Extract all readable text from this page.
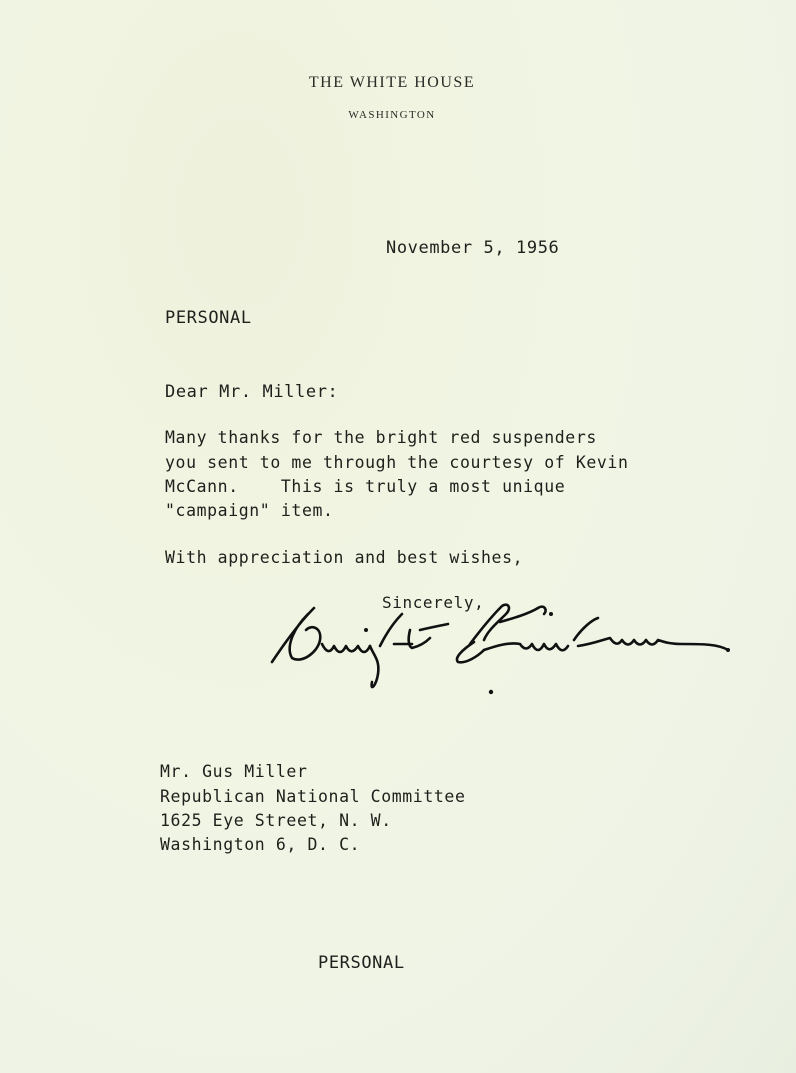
THE WHITE HOUSE
WASHINGTON
November 5, 1956
PERSONAL
Dear Mr. Miller:
Many thanks for the bright red suspenders
you sent to me through the courtesy of Kevin
McCann.    This is truly a most unique
"campaign" item.
With appreciation and best wishes,
Sincerely,
Mr. Gus Miller
Republican National Committee
1625 Eye Street, N. W.
Washington 6, D. C.
PERSONAL
